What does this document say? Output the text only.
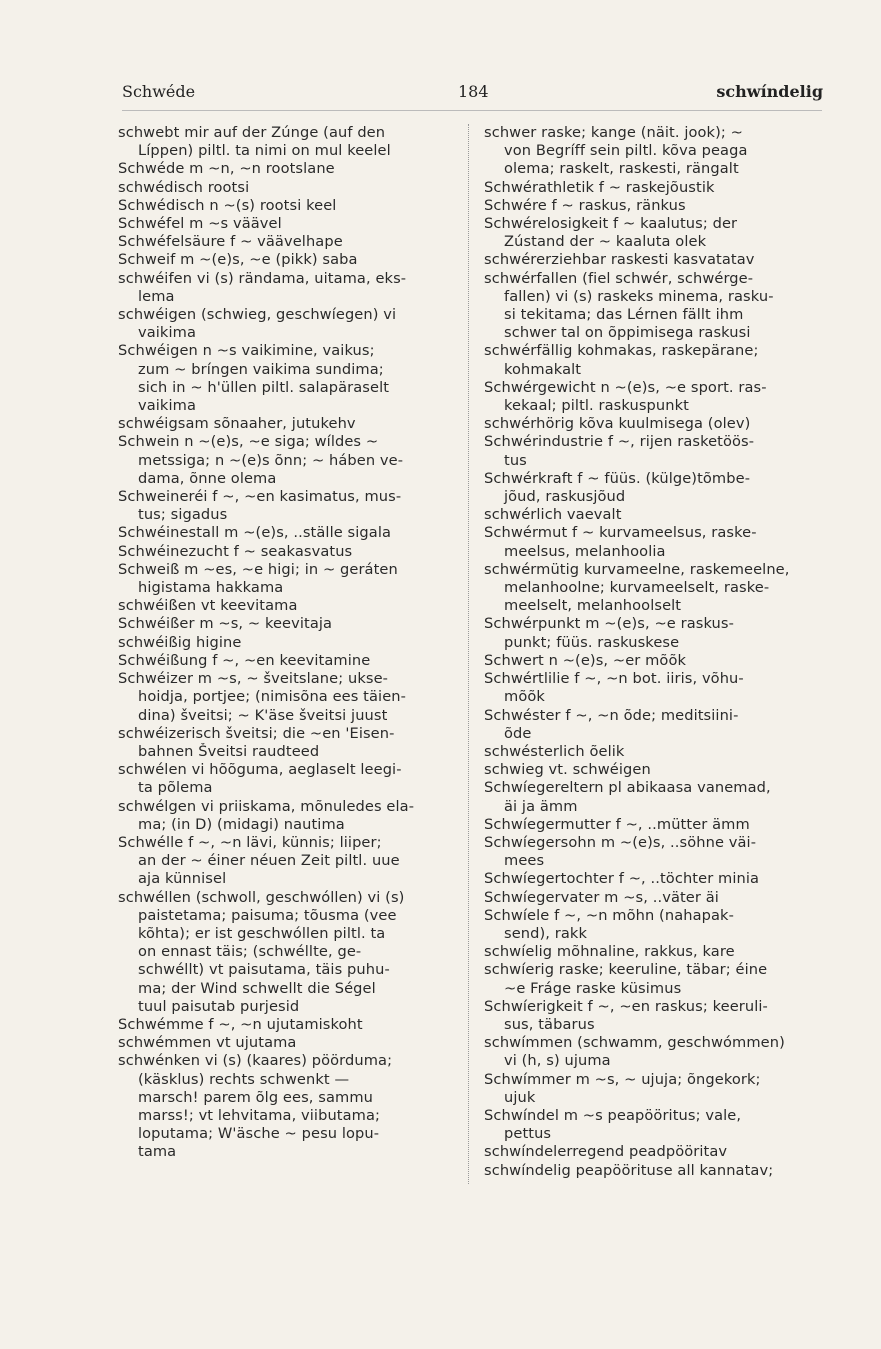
Schwéde	184	schwíndelig
schwebt mir auf der Zúnge (auf den
Líppen) piltl. ta nimi on mul keelel
Schwéde m ~n, ~n rootslane
schwédisch rootsi
Schwédisch n ~(s) rootsi keel
Schwéfel m ~s väävel
Schwéfelsäure f ~ väävelhape
Schweif m ~(e)s, ~e (pikk) saba
schwéifen vi (s) rändama, uitama, eks-
lema
schwéigen (schwieg, geschwíegen) vi
vaikima
Schwéigen n ~s vaikimine, vaikus;
zum ~ bríngen vaikima sundima;
sich in ~ h'üllen piltl. salapäraselt
vaikima
schwéigsam sõnaaher, jutukehv
Schwein n ~(e)s, ~e siga; wíldes ~
metssiga; n ~(e)s õnn; ~ háben ve-
dama, õnne olema
Schweineréi f ~, ~en kasimatus, mus-
tus; sigadus
Schwéinestall m ~(e)s, ..ställe sigala
Schwéinezucht f ~ seakasvatus
Schweiß m ~es, ~e higi; in ~ geráten
higistama hakkama
schwéißen vt keevitama
Schwéißer m ~s, ~ keevitaja
schwéißig higine
Schwéißung f ~, ~en keevitamine
Schwéizer m ~s, ~ šveitslane; ukse-
hoidja, portjee; (nimisõna ees täien-
dina) šveitsi; ~ K'äse šveitsi juust
schwéizerisch šveitsi; die ~en 'Eisen-
bahnen Šveitsi raudteed
schwélen vi hõõguma, aeglaselt leegi-
ta põlema
schwélgen vi priiskama, mõnuledes ela-
ma; (in D) (midagi) nautima
Schwélle f ~, ~n lävi, künnis; liiper;
an der ~ éiner néuen Zeit piltl. uue
aja künnisel
schwéllen (schwoll, geschwóllen) vi (s)
paistetama; paisuma; tõusma (vee
kõhta); er ist geschwóllen piltl. ta
on ennast täis; (schwéllte, ge-
schwéllt) vt paisutama, täis puhu-
ma; der Wind schwellt die Ségel
tuul paisutab purjesid
Schwémme f ~, ~n ujutamiskoht
schwémmen vt ujutama
schwénken vi (s) (kaares) pöörduma;
(käsklus) rechts schwenkt —
marsch! parem õlg ees, sammu
marss!; vt lehvitama, viibutama;
loputama; W'äsche ~ pesu lopu-
tama
schwer raske; kange (näit. jook); ~
von Begríff sein piltl. kõva peaga
olema; raskelt, raskesti, rängalt
Schwérathletik f ~ raskejõustik
Schwére f ~ raskus, ränkus
Schwérelosigkeit f ~ kaalutus; der
Zústand der ~ kaaluta olek
schwérerziehbar raskesti kasvatatav
schwérfallen (fiel schwér, schwérge-
fallen) vi (s) raskeks minema, rasku-
si tekitama; das Lérnen fällt ihm
schwer tal on õppimisega raskusi
schwérfällig kohmakas, raskepärane;
kohmakalt
Schwérgewicht n ~(e)s, ~e sport. ras-
kekaal; piltl. raskuspunkt
schwérhörig kõva kuulmisega (olev)
Schwérindustrie f ~, rijen rasketöös-
tus
Schwérkraft f ~ füüs. (külge)tõmbe-
jõud, raskusjõud
schwérlich vaevalt
Schwérmut f ~ kurvameelsus, raske-
meelsus, melanhoolia
schwérmütig kurvameelne, raskemeelne,
melanhoolne; kurvameelselt, raske-
meelselt, melanhoolselt
Schwérpunkt m ~(e)s, ~e raskus-
punkt; füüs. raskuskese
Schwert n ~(e)s, ~er mõõk
Schwértlilie f ~, ~n bot. iiris, võhu-
mõõk
Schwéster f ~, ~n õde; meditsiini-
õde
schwésterlich õelik
schwieg vt. schwéigen
Schwíegereltern pl abikaasa vanemad,
äi ja ämm
Schwíegermutter f ~, ..mütter ämm
Schwíegersohn m ~(e)s, ..söhne väi-
mees
Schwíegertochter f ~, ..töchter minia
Schwíegervater m ~s, ..väter äi
Schwíele f ~, ~n mõhn (nahapak-
send), rakk
schwíelig mõhnaline, rakkus, kare
schwíerig raske; keeruline, täbar; éine
~e Fráge raske küsimus
Schwíerigkeit f ~, ~en raskus; keeruli-
sus, täbarus
schwímmen (schwamm, geschwómmen)
vi (h, s) ujuma
Schwímmer m ~s, ~ ujuja; õngekork;
ujuk
Schwíndel m ~s peapööritus; vale,
pettus
schwíndelerregend peadpööritav
schwíndelig peapöörituse all kannatav;
